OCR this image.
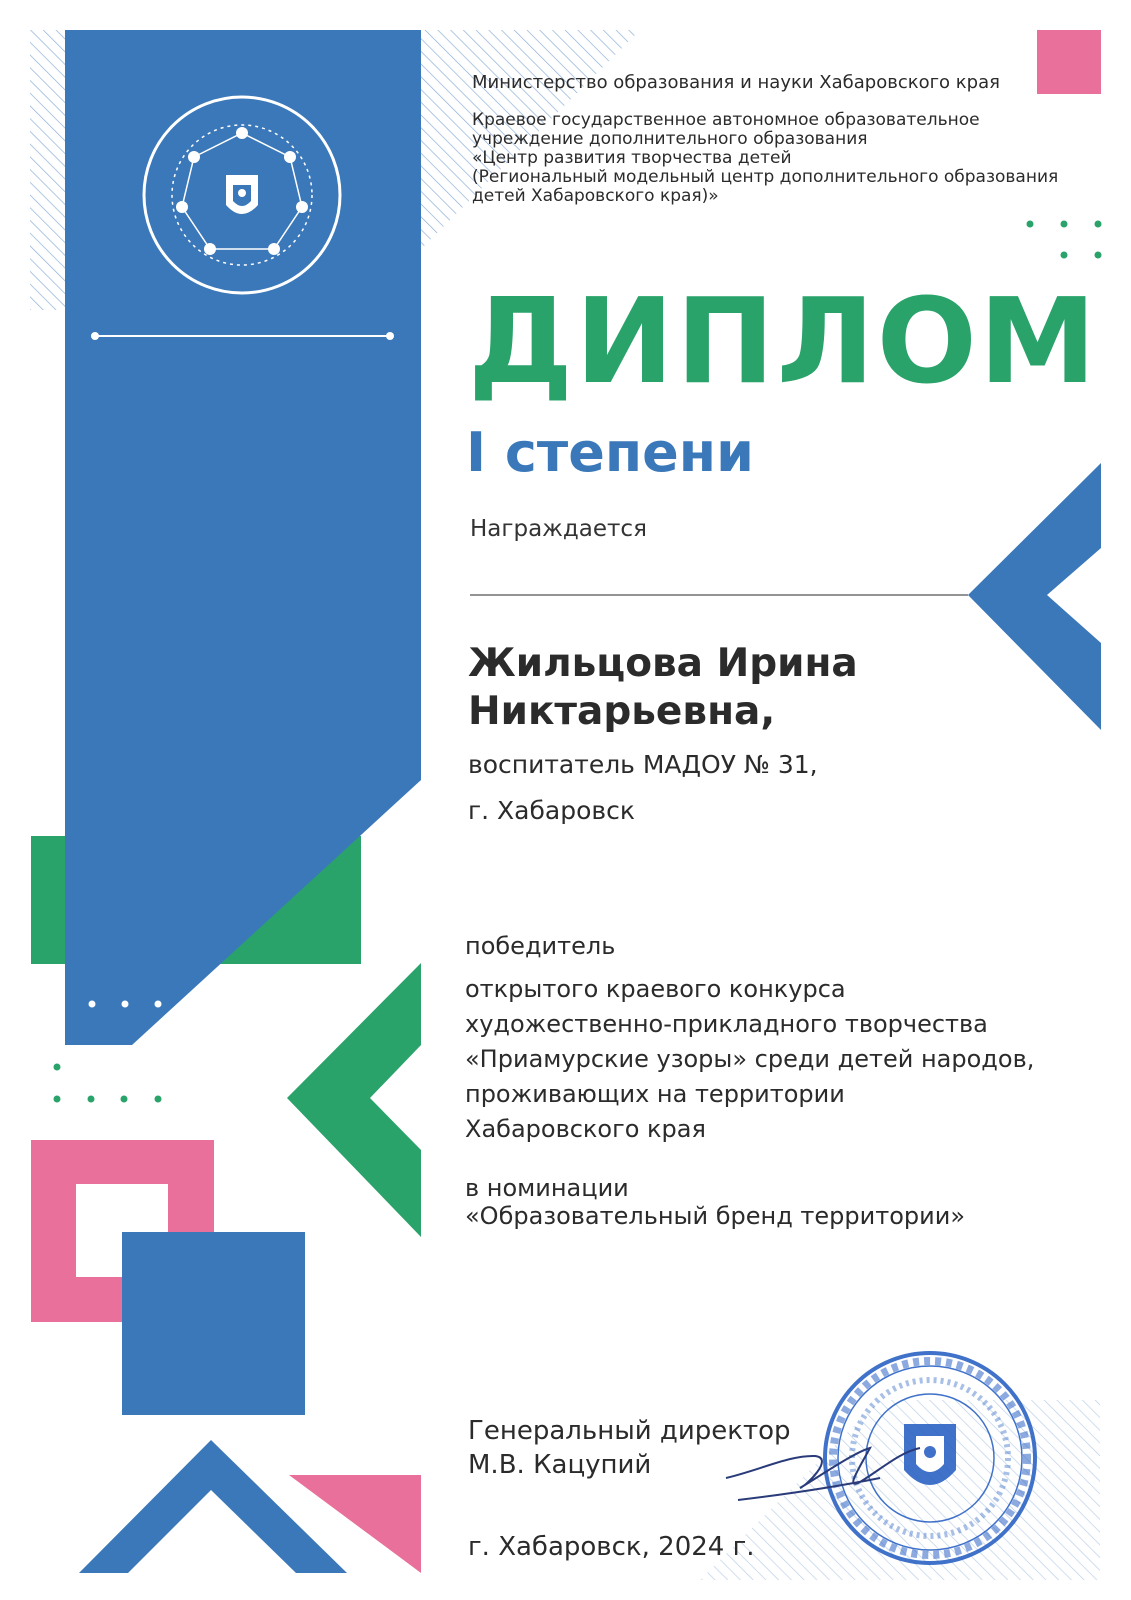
Министерство образования и науки Хабаровского края
Краевое государственное автономное образовательное
учреждение дополнительного образования
«Центр развития творчества детей
(Региональный модельный центр дополнительного образования
детей Хабаровского края)»
ДИПЛОМ
I степени
Награждается
Жильцова Ирина
Никтарьевна,
воспитатель МАДОУ № 31,
г. Хабаровск
победитель
открытого краевого конкурса
художественно-прикладного творчества
«Приамурские узоры» среди детей народов,
проживающих на территории
Хабаровского края
в номинации
«Образовательный бренд территории»
Генеральный директор
М.В. Кацупий
г. Хабаровск, 2024 г.
